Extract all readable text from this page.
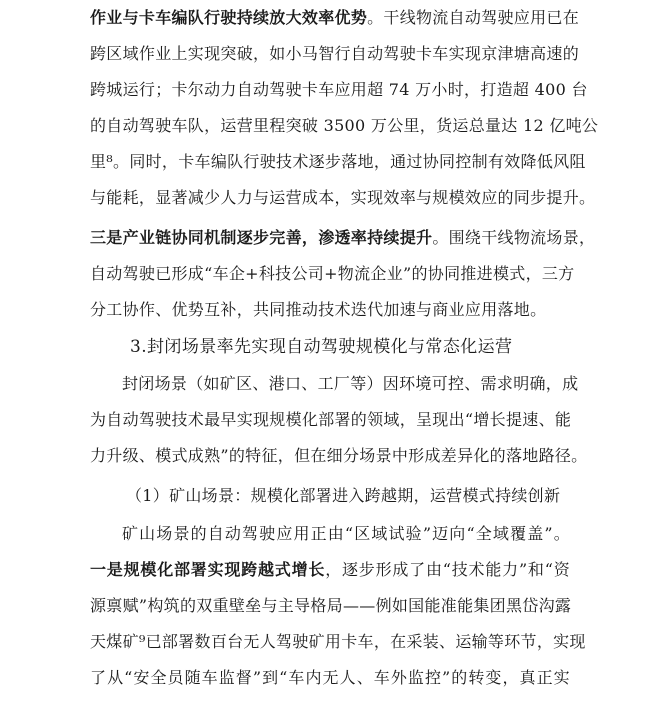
作业与卡车编队行驶持续放大效率优势。干线物流自动驾驶应用已在
跨区域作业上实现突破，如小马智行自动驾驶卡车实现京津塘高速的
跨城运行；卡尔动力自动驾驶卡车应用超 74 万小时，打造超 400 台
的自动驾驶车队，运营里程突破 3500 万公里，货运总量达 12 亿吨公
里⁸。同时，卡车编队行驶技术逐步落地，通过协同控制有效降低风阻
与能耗，显著减少人力与运营成本，实现效率与规模效应的同步提升。
三是产业链协同机制逐步完善，渗透率持续提升。围绕干线物流场景，
自动驾驶已形成“车企+科技公司+物流企业”的协同推进模式，三方
分工协作、优势互补，共同推动技术迭代加速与商业应用落地。
3.封闭场景率先实现自动驾驶规模化与常态化运营
封闭场景（如矿区、港口、工厂等）因环境可控、需求明确，成
为自动驾驶技术最早实现规模化部署的领域，呈现出“增长提速、能
力升级、模式成熟”的特征，但在细分场景中形成差异化的落地路径。
（1）矿山场景：规模化部署进入跨越期，运营模式持续创新
矿山场景的自动驾驶应用正由“区域试验”迈向“全域覆盖”。
一是规模化部署实现跨越式增长，逐步形成了由“技术能力”和“资
源禀赋”构筑的双重壁垒与主导格局——例如国能准能集团黑岱沟露
天煤矿⁹已部署数百台无人驾驶矿用卡车，在采装、运输等环节，实现
了从“安全员随车监督”到“车内无人、车外监控”的转变，真正实
